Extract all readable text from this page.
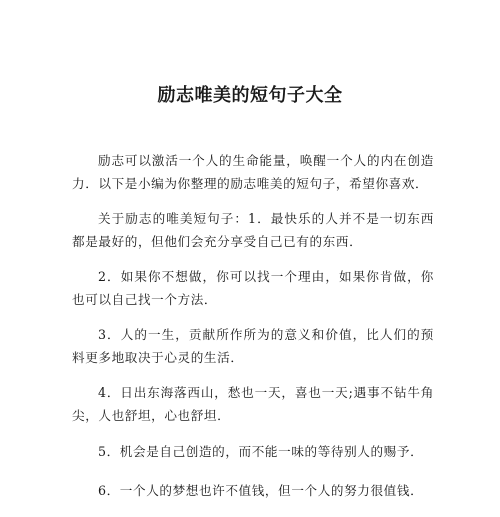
励志唯美的短句子大全
励志可以激活一个人的生命能量，唤醒一个人的内在创造力．以下是小编为你整理的励志唯美的短句子，希望你喜欢．
关于励志的唯美短句子：1．最快乐的人并不是一切东西都是最好的，但他们会充分享受自己已有的东西．
2．如果你不想做，你可以找一个理由，如果你肯做，你也可以自己找一个方法．
3．人的一生，贡献所作所为的意义和价值，比人们的预料更多地取决于心灵的生活．
4．日出东海落西山，愁也一天，喜也一天;遇事不钻牛角尖，人也舒坦，心也舒坦．
5．机会是自己创造的，而不能一味的等待别人的赐予．
6．一个人的梦想也许不值钱，但一个人的努力很值钱．
